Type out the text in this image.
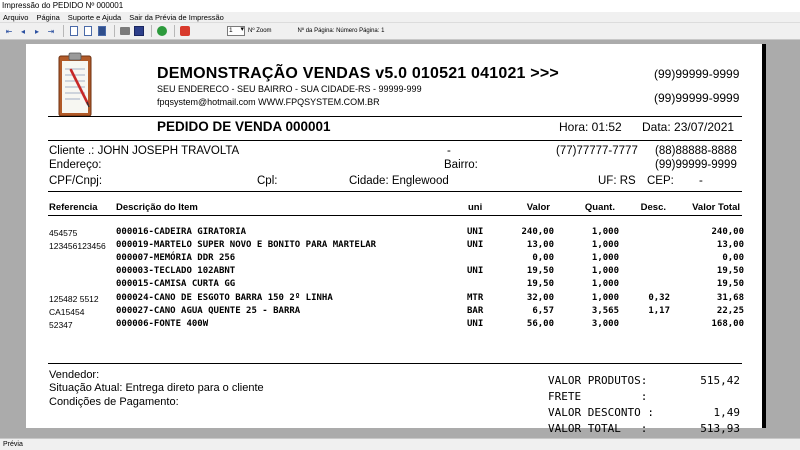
Impressão do PEDIDO Nº 000001
Arquivo Página Suporte e Ajuda Sair da Prévia de Impressão
⇤	◂	▸	⇥	1 ▾	Nº Zoom	Nº da Página: Número Página: 1
DEMONSTRAÇÃO VENDAS v5.0 010521 041021 >>>
SEU ENDERECO - SEU BAIRRO - SUA CIDADE-RS - 99999-999
fpqsystem@hotmail.com WWW.FPQSYSTEM.COM.BR
(99)99999-9999
(99)99999-9999
PEDIDO DE VENDA 000001	Hora: 01:52 Data: 23/07/2021
Cliente .: JOHN JOSEPH TRAVOLTA	-	(77)77777-7777 (88)88888-8888
Endereço:	Bairro:	(99)99999-9999
CPF/Cnpj:	Cpl:	Cidade: Englewood	UF: RS CEP: -
Referencia Descrição do Item	uni	Valor	Quant.	Desc.	Valor Total
454575	000016-CADEIRA GIRATORIA	UNI	240,00	1,000	240,00
123456123456 000019-MARTELO SUPER NOVO E BONITO PARA MARTELAR	UNI	13,00	1,000	13,00
000007-MEMÓRIA DDR 256	0,00	1,000	0,00
000003-TECLADO 102ABNT	UNI	19,50	1,000	19,50
000015-CAMISA CURTA GG	19,50	1,000	19,50
125482 5512 000024-CANO DE ESGOTO BARRA 150 2º LINHA	MTR	32,00	1,000	0,32	31,68
CA15454	000027-CANO AGUA QUENTE 25 - BARRA	BAR	6,57	3,565	1,17	22,25
52347	000006-FONTE 400W	UNI	56,00	3,000	168,00
Vendedor:
Situação Atual: Entrega direto para o cliente
Condições de Pagamento:
VALOR PRODUTOS:	515,42
FRETE         :
VALOR DESCONTO :	1,49
VALOR TOTAL   :	513,93
Prévia
